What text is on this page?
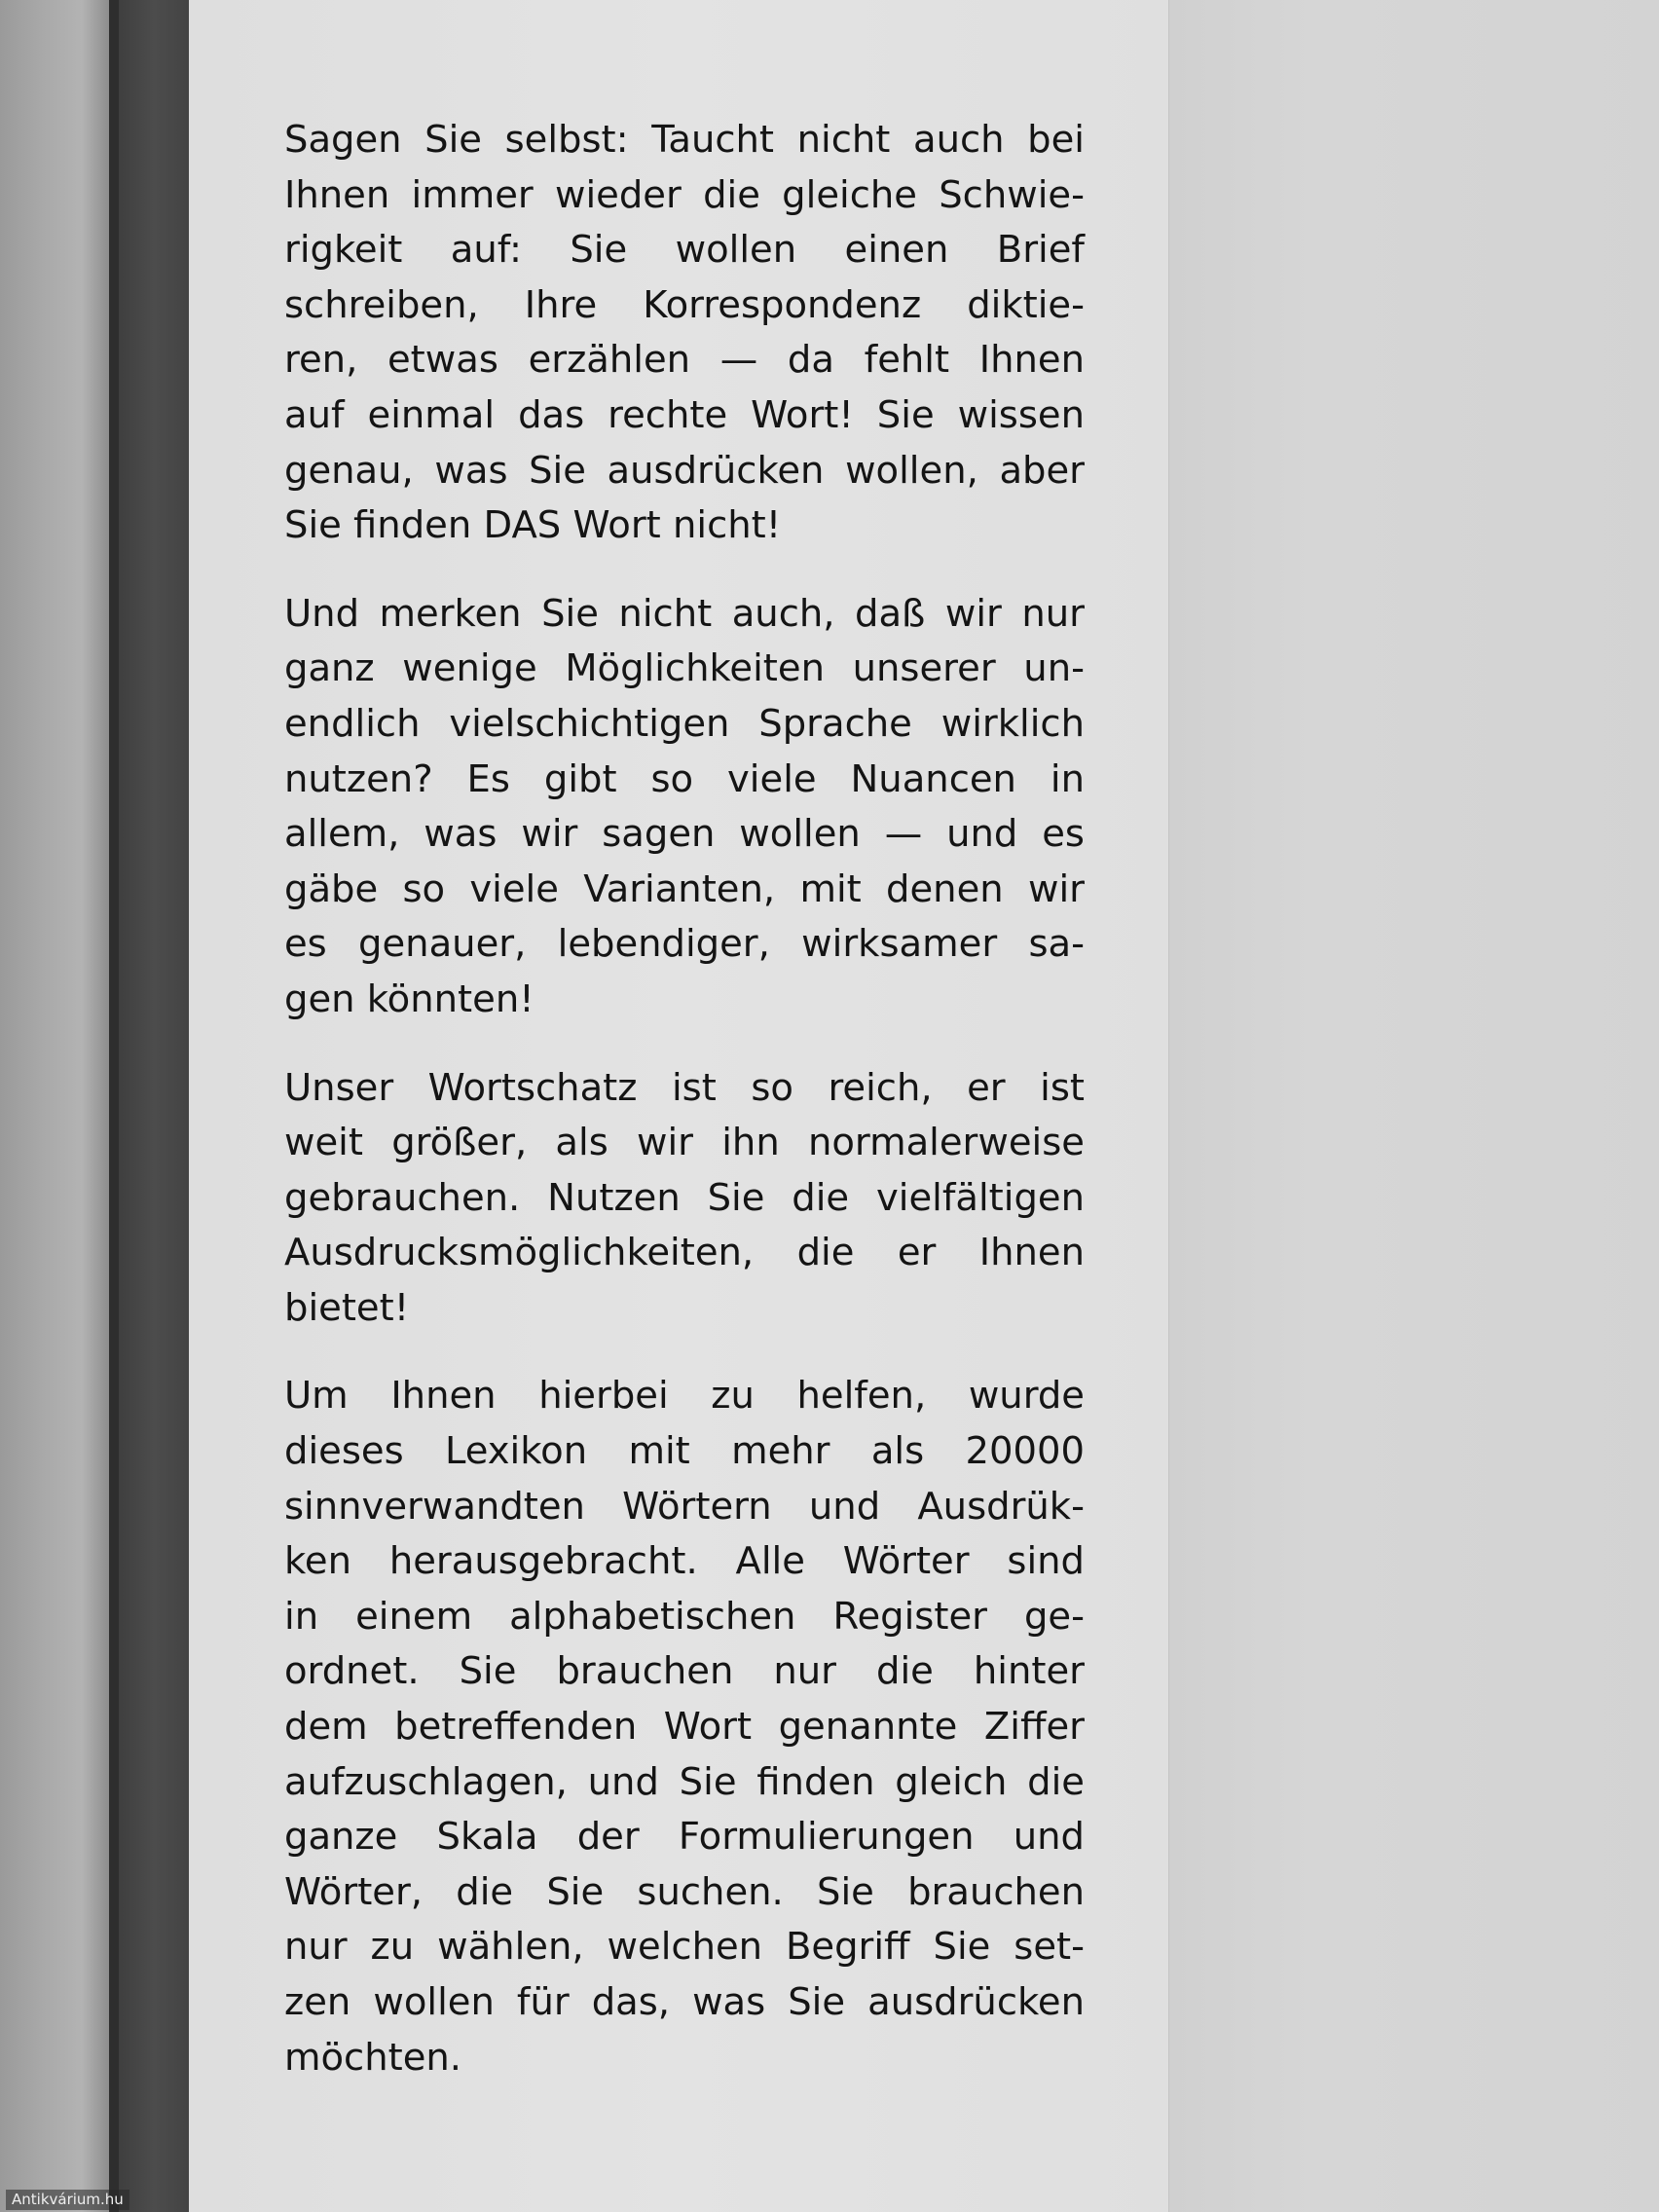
Sagen Sie selbst: Taucht nicht auch bei
Ihnen immer wieder die gleiche Schwie-
rigkeit auf: Sie wollen einen Brief
schreiben, Ihre Korrespondenz diktie-
ren, etwas erzählen — da fehlt Ihnen
auf einmal das rechte Wort! Sie wissen
genau, was Sie ausdrücken wollen, aber
Sie finden DAS Wort nicht!
Und merken Sie nicht auch, daß wir nur
ganz wenige Möglichkeiten unserer un-
endlich vielschichtigen Sprache wirklich
nutzen? Es gibt so viele Nuancen in
allem, was wir sagen wollen — und es
gäbe so viele Varianten, mit denen wir
es genauer, lebendiger, wirksamer sa-
gen könnten!
Unser Wortschatz ist so reich, er ist
weit größer, als wir ihn normalerweise
gebrauchen. Nutzen Sie die vielfältigen
Ausdrucksmöglichkeiten, die er Ihnen
bietet!
Um Ihnen hierbei zu helfen, wurde
dieses Lexikon mit mehr als 20000
sinnverwandten Wörtern und Ausdrük-
ken herausgebracht. Alle Wörter sind
in einem alphabetischen Register ge-
ordnet. Sie brauchen nur die hinter
dem betreffenden Wort genannte Ziffer
aufzuschlagen, und Sie finden gleich die
ganze Skala der Formulierungen und
Wörter, die Sie suchen. Sie brauchen
nur zu wählen, welchen Begriff Sie set-
zen wollen für das, was Sie ausdrücken
möchten.
Antikvárium.hu
